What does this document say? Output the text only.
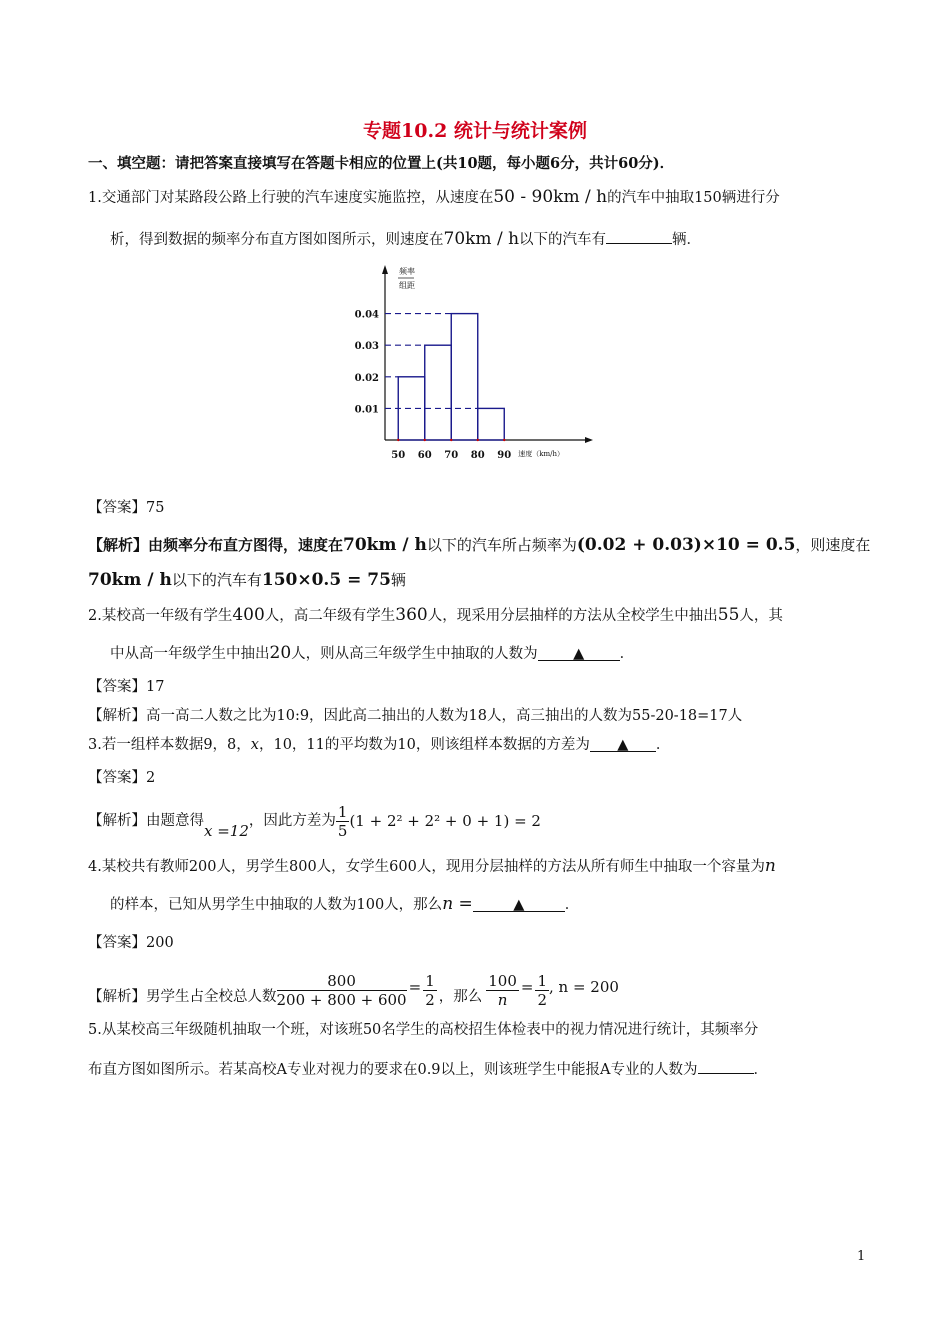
专题10.2 统计与统计案例
一、填空题：请把答案直接填写在答题卡相应的位置上(共10题，每小题6分，共计60分)．
1.交通部门对某路段公路上行驶的汽车速度实施监控，从速度在50 - 90km / h的汽车中抽取150辆进行分
析，得到数据的频率分布直方图如图所示，则速度在70km / h以下的汽车有	辆．
频率
组距
0.01
0.02
0.03
0.04
50 60 70 80 90 速度（km/h）
【答案】75
【解析】由频率分布直方图得，速度在70km / h以下的汽车所占频率为(0.02 + 0.03)×10 = 0.5，则速度在
70km / h以下的汽车有150×0.5 = 75辆
2.某校高一年级有学生400人，高二年级有学生360人，现采用分层抽样的方法从全校学生中抽出55人，其
中从高一年级学生中抽出20人，则从高三年级学生中抽取的人数为 ▲ ．
【答案】17
【解析】高一高二人数之比为10:9，因此高二抽出的人数为18人，高三抽出的人数为55-20-18=17人
3.若一组样本数据9，8，x，10，11的平均数为10，则该组样本数据的方差为 ▲ ．
【答案】2
【解析】由题意得
x =12
，因此方差为 $\frac{1}{5} (1 + 2^2 + 2^2 + 0 + 1) = 2$
4.某校共有教师200人，男学生800人，女学生600人，现用分层抽样的方法从所有师生中抽取一个容量为n
的样本，已知从男学生中抽取的人数为100人，那么n =	▲	．
【答案】200
【解析】男学生占全校总人数 $\frac{800}{200 + 800 + 600} = \frac{1}{2}$ ，那么 $\frac{100}{n} = \frac{1}{2}$ , n = 200
5.从某校高三年级随机抽取一个班，对该班50名学生的高校招生体检表中的视力情况进行统计，其频率分
布直方图如图所示。若某高校A专业对视力的要求在0.9以上，则该班学生中能报A专业的人数为	．
1
